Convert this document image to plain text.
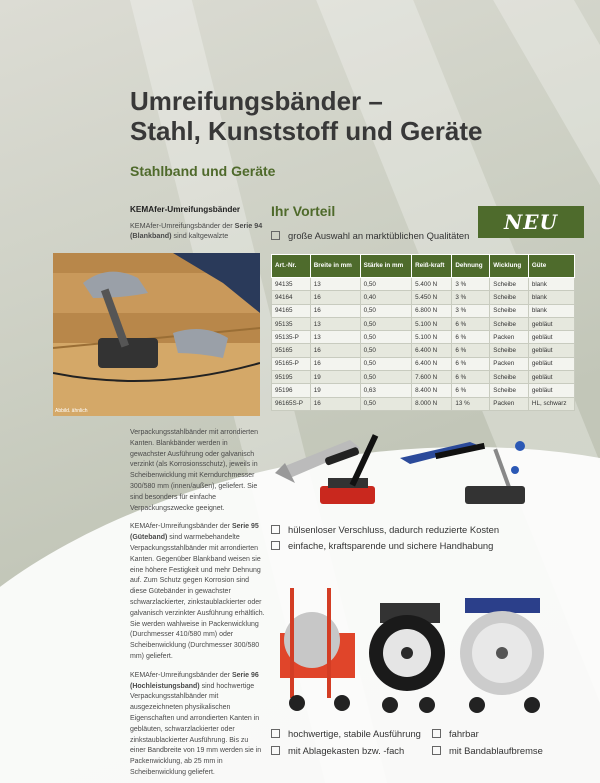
Umreifungsbänder –
Stahl, Kunststoff und Geräte
Stahlband und Geräte
KEMAfer-Umreifungsbänder

KEMAfer-Umreifungsbänder der Serie 94 (Blankband) sind kaltgewalzte

Abbild. ähnlich

Verpackungsstahlbänder mit arrondierten Kanten. Blankbänder werden in gewachster Ausführung oder galvanisch verzinkt (als Korrosionsschutz), jeweils in Scheibenwicklung mit Kerndurchmesser 300/580 mm (innen/außen), geliefert. Sie sind besonders für einfache Verpackungszwecke geeignet.

KEMAfer-Umreifungsbänder der Serie 95 (Güteband) sind warmebehandelte Verpackungsstahlbänder mit arrondierten Kanten. Gegenüber Blankband weisen sie eine höhere Festigkeit und mehr Dehnung auf. Zum Schutz gegen Korrosion sind diese Gütebänder in gewachster schwarzlackierter, zinkstaublackierter oder galvanisch verzinkter Ausführung erhältlich. Sie werden wahlweise in Packenwicklung (Durchmesser 410/580 mm) oder Scheibenwicklung (Durchmesser 300/580 mm) geliefert.

KEMAfer-Umreifungsbänder der Serie 96 (Hochleistungsband) sind hochwertige Verpackungsstahlbänder mit ausgezeichneten physikalischen Eigenschaften und arrondierten Kanten in gebläuten, schwarzlackierter oder zinkstaublackierter Ausführung. Bis zu einer Bandbreite von 19 mm werden sie in Packenwicklung, ab 25 mm in Scheibenwicklung geliefert.

Ihr Vorteil	NEU
große Auswahl an marktüblichen Qualitäten
Art.-Nr.	Breite in mm	Stärke in mm	Reiß-kraft	Dehnung	Wicklung	Güte
94135	13	0,50	5.400 N	3 %	Scheibe	blank
94164	16	0,40	5.450 N	3 %	Scheibe	blank
94165	16	0,50	6.800 N	3 %	Scheibe	blank
95135	13	0,50	5.100 N	6 %	Scheibe	gebläut
95135-P	13	0,50	5.100 N	6 %	Packen	gebläut
95165	16	0,50	6.400 N	6 %	Scheibe	gebläut
95165-P	16	0,50	6.400 N	6 %	Packen	gebläut
95195	19	0,50	7.600 N	6 %	Scheibe	gebläut
95196	19	0,63	8.400 N	6 %	Scheibe	gebläut
96165S-P	16	0,50	8.000 N	13 %	Packen	HL, schwarz
hülsenloser Verschluss, dadurch reduzierte Kosten
einfache, kraftsparende und sichere Handhabung
hochwertige, stabile Ausführung
mit Ablagekasten bzw. -fach
fahrbar
mit Bandablaufbremse
